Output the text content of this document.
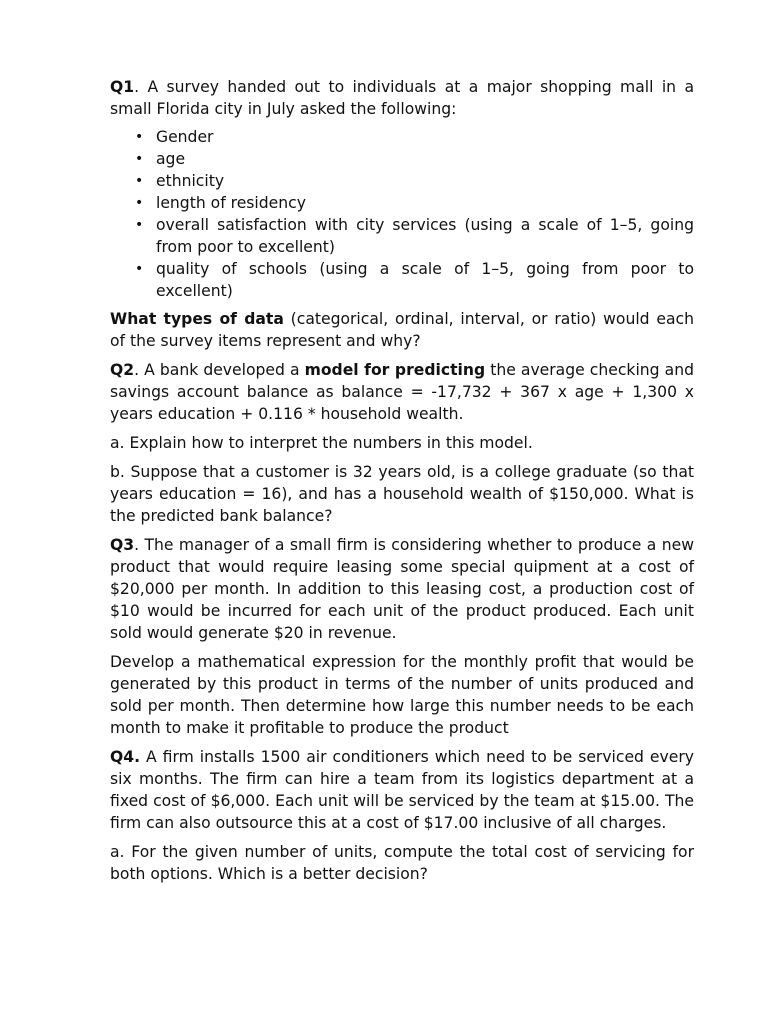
Q1. A survey handed out to individuals at a major shopping mall in a small Florida city in July asked the following:

• Gender
• age
• ethnicity
• length of residency
• overall satisfaction with city services (using a scale of 1–5, going from poor to excellent)
• quality of schools (using a scale of 1–5, going from poor to excellent)

What types of data (categorical, ordinal, interval, or ratio) would each of the survey items represent and why?

Q2. A bank developed a model for predicting the average checking and savings account balance as balance = -17,732 + 367 x age + 1,300 x years education + 0.116 * household wealth.

a. Explain how to interpret the numbers in this model.

b. Suppose that a customer is 32 years old, is a college graduate (so that years education = 16), and has a household wealth of $150,000. What is the predicted bank balance?

Q3. The manager of a small firm is considering whether to produce a new product that would require leasing some special quipment at a cost of $20,000 per month. In addition to this leasing cost, a production cost of $10 would be incurred for each unit of the product produced. Each unit sold would generate $20 in revenue.

Develop a mathematical expression for the monthly profit that would be generated by this product in terms of the number of units produced and sold per month. Then determine how large this number needs to be each month to make it profitable to produce the product

Q4. A firm installs 1500 air conditioners which need to be serviced every six months. The firm can hire a team from its logistics department at a fixed cost of $6,000. Each unit will be serviced by the team at $15.00. The firm can also outsource this at a cost of $17.00 inclusive of all charges.

a. For the given number of units, compute the total cost of servicing for both options. Which is a better decision?
